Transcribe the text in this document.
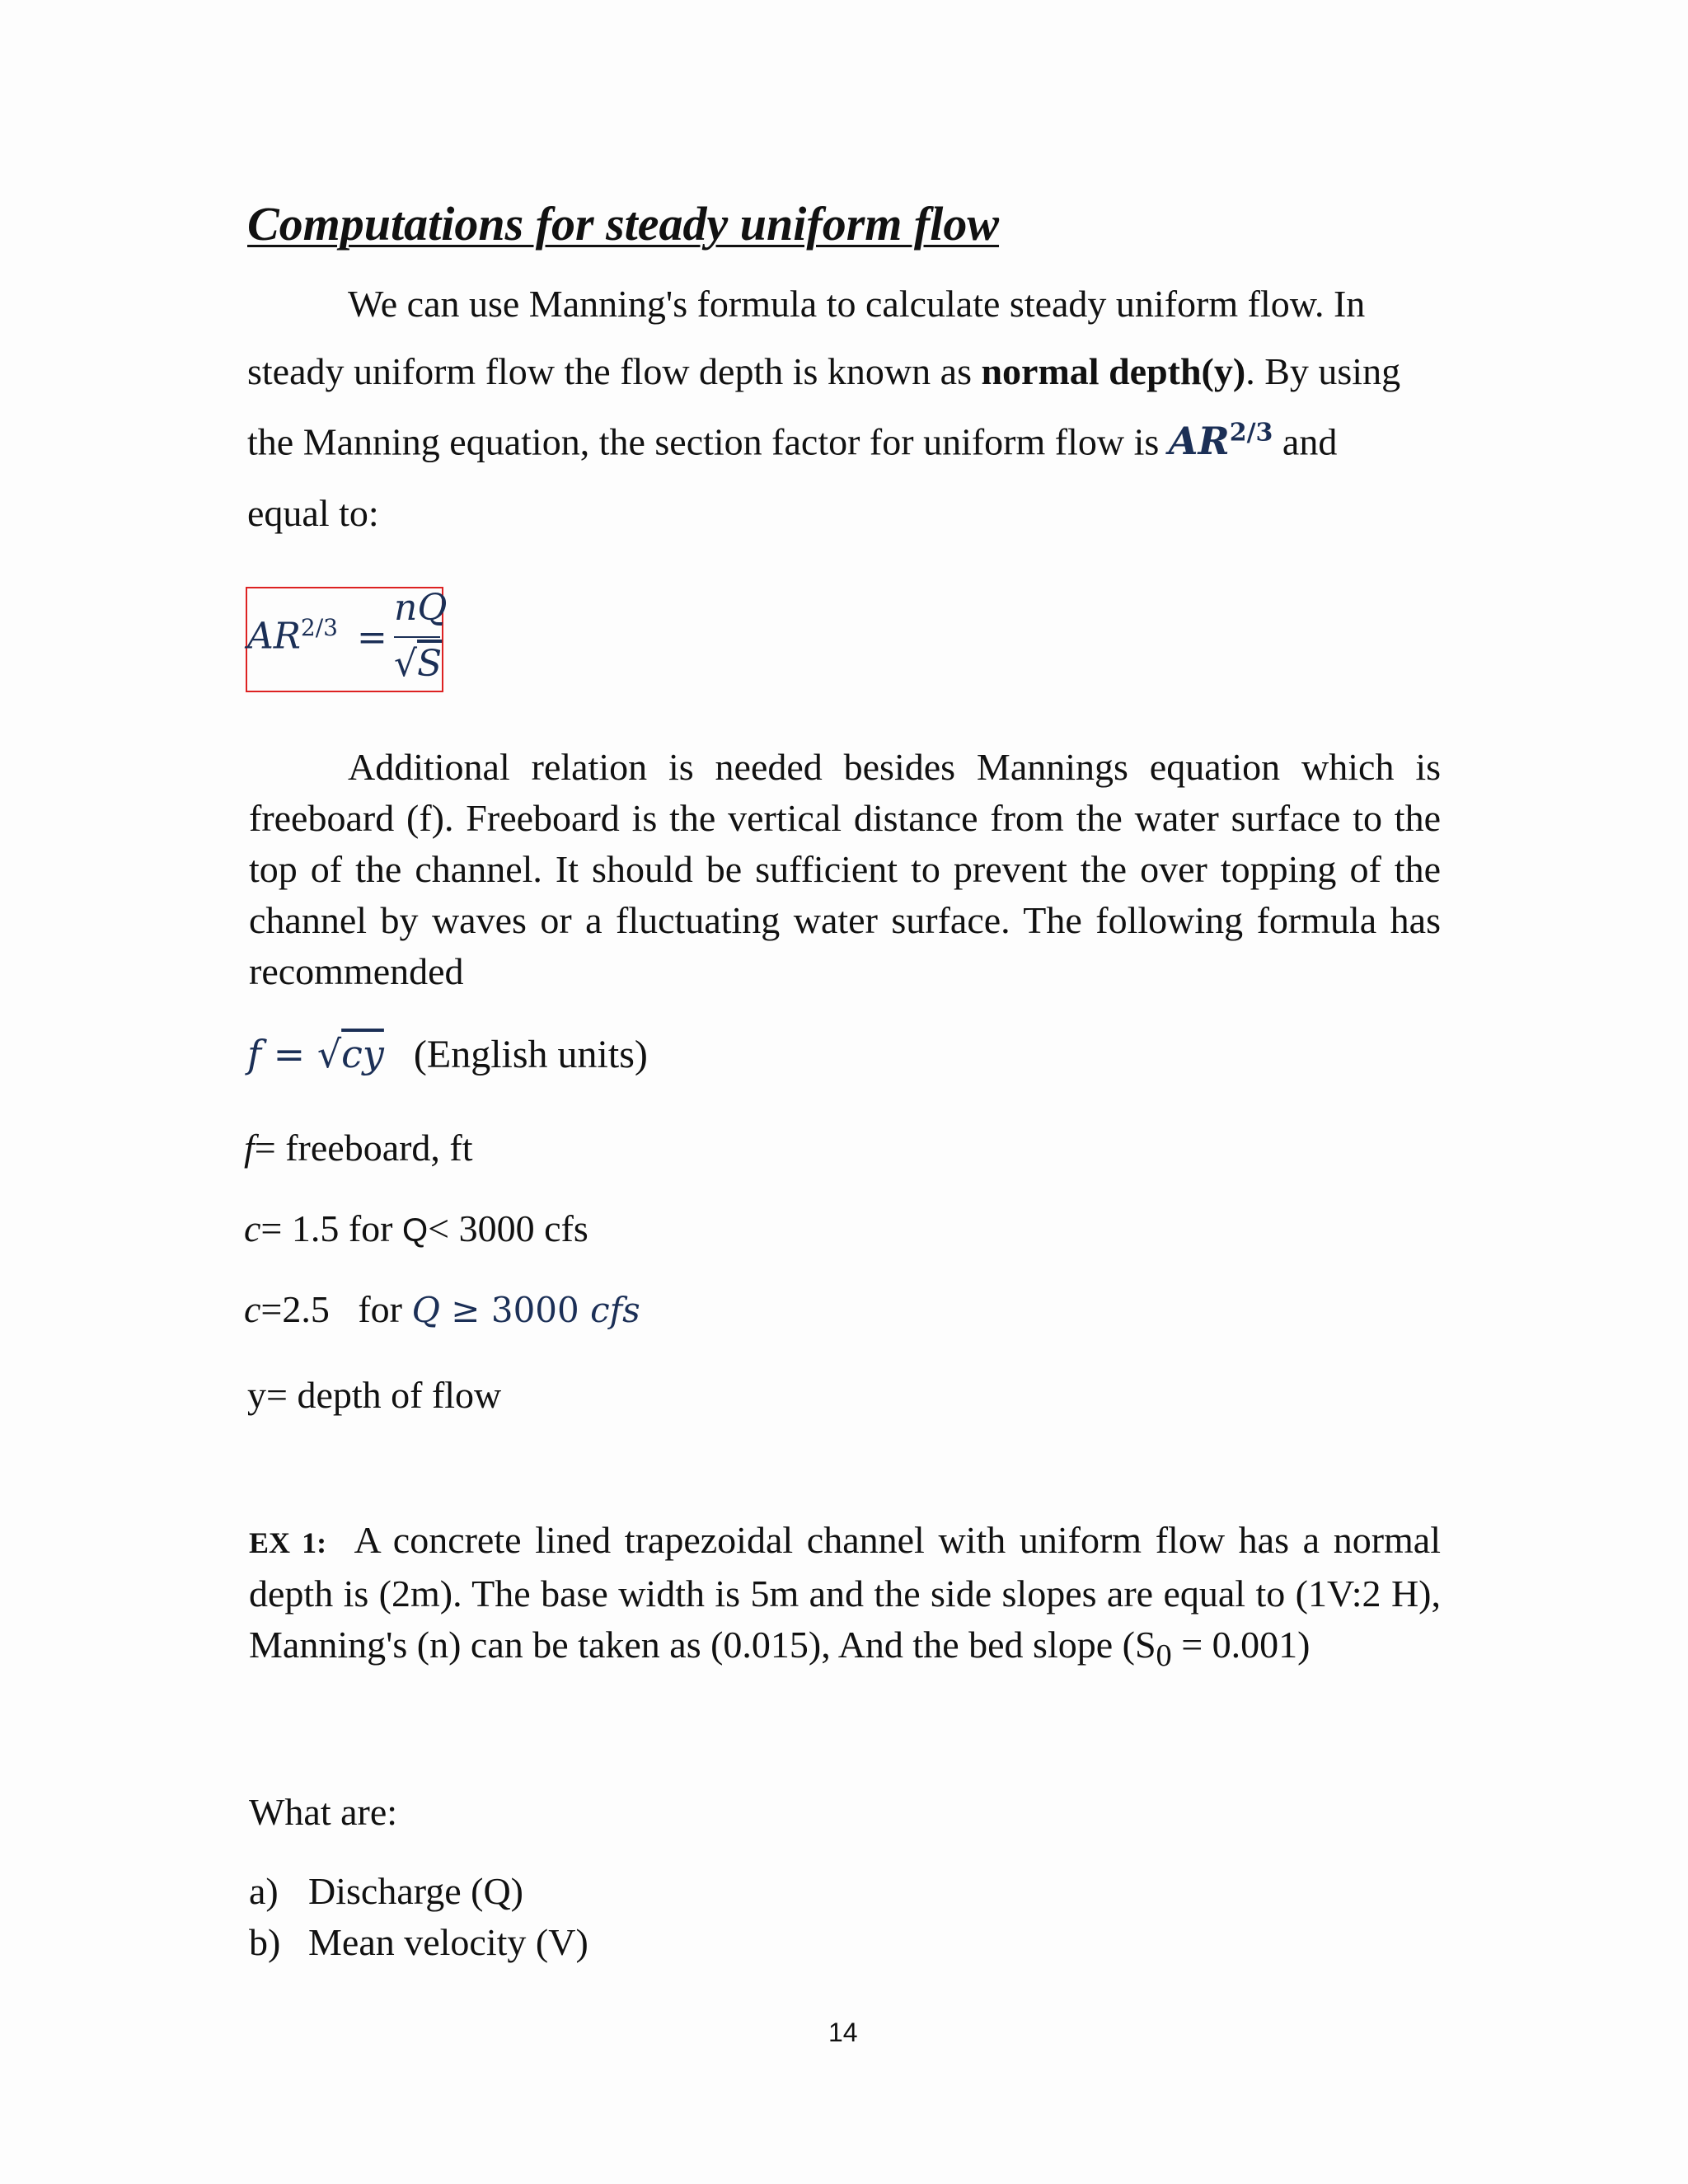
Computations for steady uniform flow
We can use Manning's formula to calculate steady uniform flow. In
steady uniform flow the flow depth is known as normal depth(y). By using
the Manning equation, the section factor for uniform flow is $AR^{2/3}$ and
equal to:
$AR^{2/3}$ =
nQ
√S
Additional relation is needed besides Mannings equation which is freeboard (f). Freeboard is the vertical distance from the water surface to the top of the channel. It should be sufficient to prevent the over topping of the channel by waves or a fluctuating water surface. The following formula has recommended
f = √cy (English units)
f= freeboard, ft
c= 1.5 for Q< 3000 cfs
c=2.5   for Q ≥ 3000 cfs
y= depth of flow
EX 1: A concrete lined trapezoidal channel with uniform flow has a normal depth is (2m). The base width is 5m and the side slopes are equal to (1V:2 H), Manning's (n) can be taken as (0.015), And the bed slope $(S_0 = 0.001)$
What are:
a) Discharge (Q)
b) Mean velocity (V)
14
